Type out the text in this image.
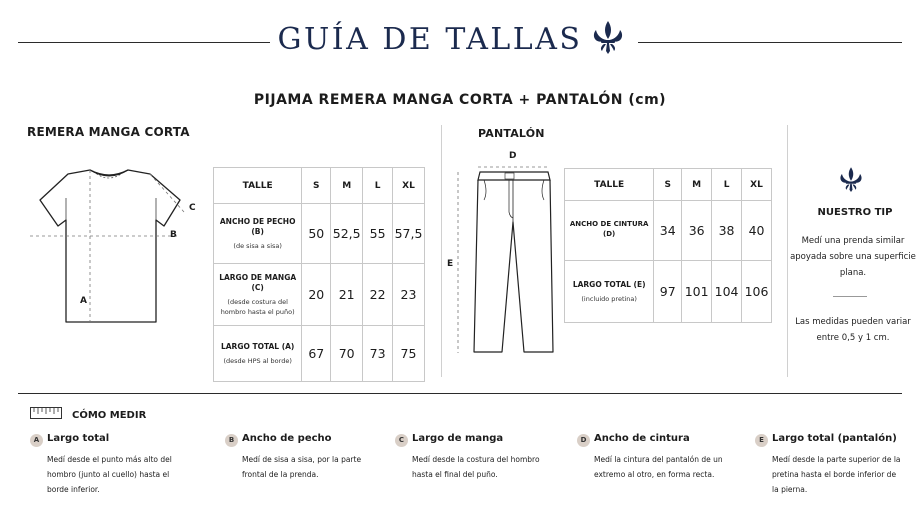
GUÍA DE TALLAS
PIJAMA REMERA MANGA CORTA + PANTALÓN (cm)
REMERA MANGA CORTA
A
B
C
TALLE	S	M	L	XL

ANCHO DE PECHO (B)
(de sisa a sisa)	50	52,5	55	57,5

LARGO DE MANGA (C)
(desde costura del hombro hasta el puño)	20	21	22	23

LARGO TOTAL (A)
(desde HPS al borde)	67	70	73	75
PANTALÓN
D
E
TALLE	S	M	L	XL

ANCHO DE CINTURA (D)	34	36	38	40

LARGO TOTAL (E)
(incluido pretina)	97	101	104	106
NUESTRO TIP
Medí una prenda similar apoyada sobre una superficie plana.
Las medidas pueden variar entre 0,5 y 1 cm.
CÓMO MEDIR
A Largo total
Medí desde el punto más alto del hombro (junto al cuello) hasta el borde inferior.
B Ancho de pecho
Medí de sisa a sisa, por la parte frontal de la prenda.
C Largo de manga
Medí desde la costura del hombro hasta el final del puño.
D Ancho de cintura
Medí la cintura del pantalón de un extremo al otro, en forma recta.
E Largo total (pantalón)
Medí desde la parte superior de la pretina hasta el borde inferior de la pierna.
